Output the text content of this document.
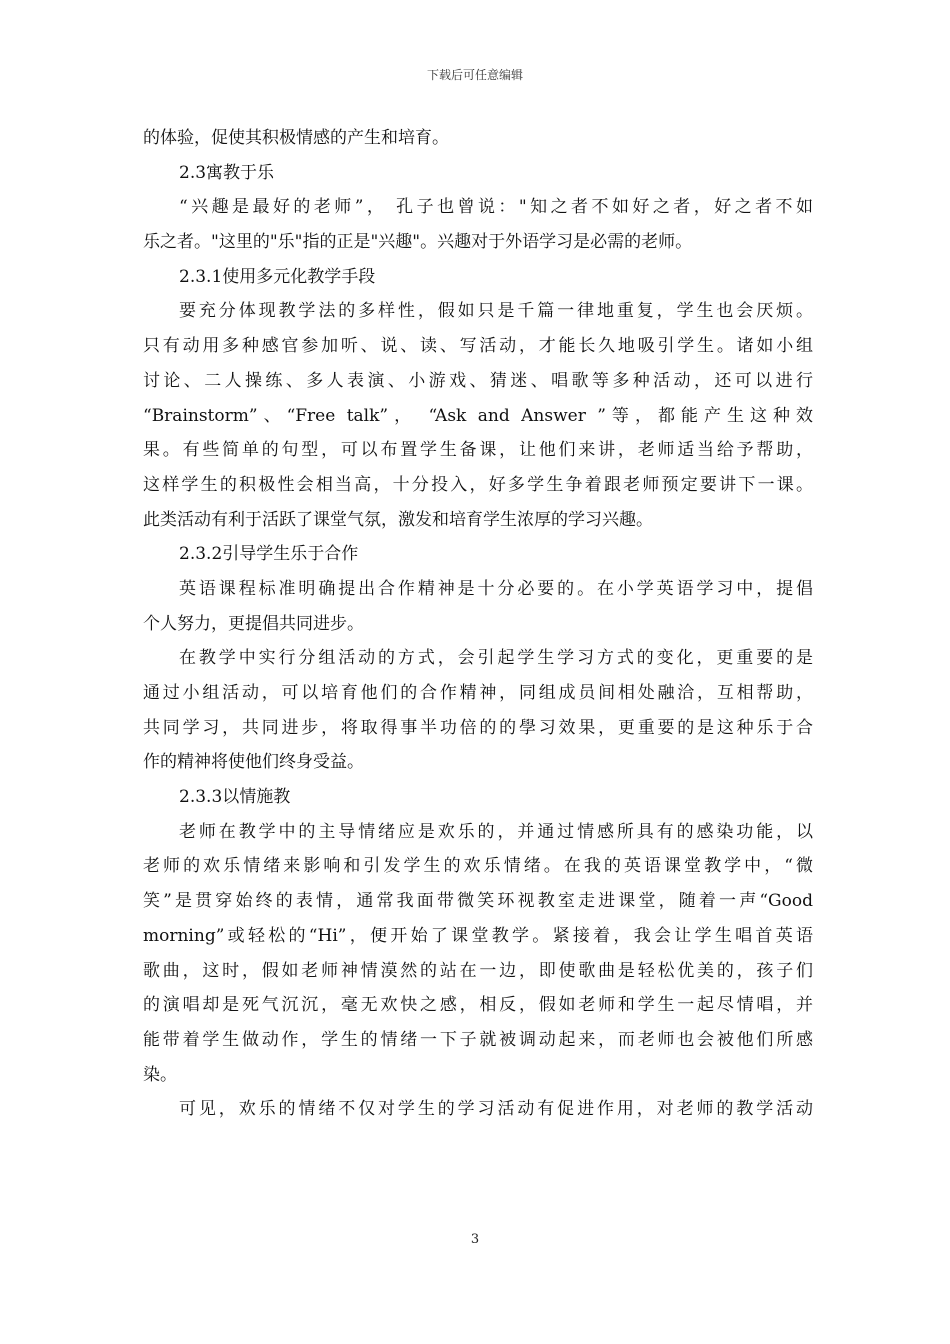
下载后可任意编辑
的体验，促使其积极情感的产生和培育。
2.3寓教于乐
“兴趣是最好的老师”， 孔子也曾说："知之者不如好之者，好之者不如
乐之者。"这里的"乐"指的正是"兴趣"。兴趣对于外语学习是必需的老师。
2.3.1使用多元化教学手段
要充分体现教学法的多样性，假如只是千篇一律地重复，学生也会厌烦。
只有动用多种感官参加听、说、读、写活动，才能长久地吸引学生。诸如小组
讨论、二人操练、多人表演、小游戏、猜迷、唱歌等多种活动，还可以进行
“Brainstorm”、“Free talk”， “Ask and Answer ”等，都能产生这种效
果。有些简单的句型，可以布置学生备课，让他们来讲，老师适当给予帮助，
这样学生的积极性会相当高，十分投入，好多学生争着跟老师预定要讲下一课。
此类活动有利于活跃了课堂气氛，激发和培育学生浓厚的学习兴趣。
2.3.2引导学生乐于合作
英语课程标准明确提出合作精神是十分必要的。在小学英语学习中，提倡
个人努力，更提倡共同进步。
在教学中实行分组活动的方式，会引起学生学习方式的变化，更重要的是
通过小组活动，可以培育他们的合作精神，同组成员间相处融洽，互相帮助，
共同学习，共同进步，将取得事半功倍的的學习效果，更重要的是这种乐于合
作的精神将使他们终身受益。
2.3.3以情施教
老师在教学中的主导情绪应是欢乐的，并通过情感所具有的感染功能，以
老师的欢乐情绪来影响和引发学生的欢乐情绪。在我的英语课堂教学中，“微
笑”是贯穿始终的表情，通常我面带微笑环视教室走进课堂，随着一声“Good
morning”或轻松的“Hi”，便开始了课堂教学。紧接着，我会让学生唱首英语
歌曲，这时，假如老师神情漠然的站在一边，即使歌曲是轻松优美的，孩子们
的演唱却是死气沉沉，毫无欢快之感，相反，假如老师和学生一起尽情唱，并
能带着学生做动作，学生的情绪一下子就被调动起来，而老师也会被他们所感
染。
可见，欢乐的情绪不仅对学生的学习活动有促进作用，对老师的教学活动
3
